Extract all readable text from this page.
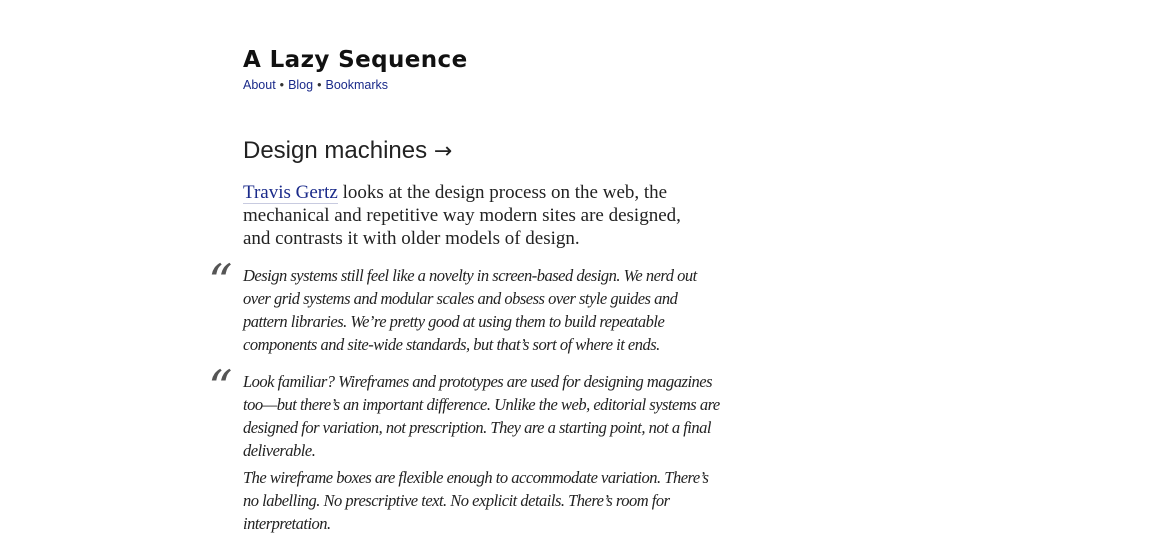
A Lazy Sequence
About • Blog • Bookmarks
Design machines →

Travis Gertz looks at the design process on the web, the mechanical and repetitive way modern sites are designed, and contrasts it with older models of design.

“ Design systems still feel like a novelty in screen-based design. We nerd out over grid systems and modular scales and obsess over style guides and pattern libraries. We’re pretty good at using them to build repeatable components and site-wide standards, but that’s sort of where it ends.

“ Look familiar? Wireframes and prototypes are used for designing magazines too—but there’s an important difference. Unlike the web, editorial systems are designed for variation, not prescription. They are a starting point, not a final deliverable.

The wireframe boxes are flexible enough to accommodate variation. There’s no labelling. No prescriptive text. No explicit details. There’s room for interpretation.
